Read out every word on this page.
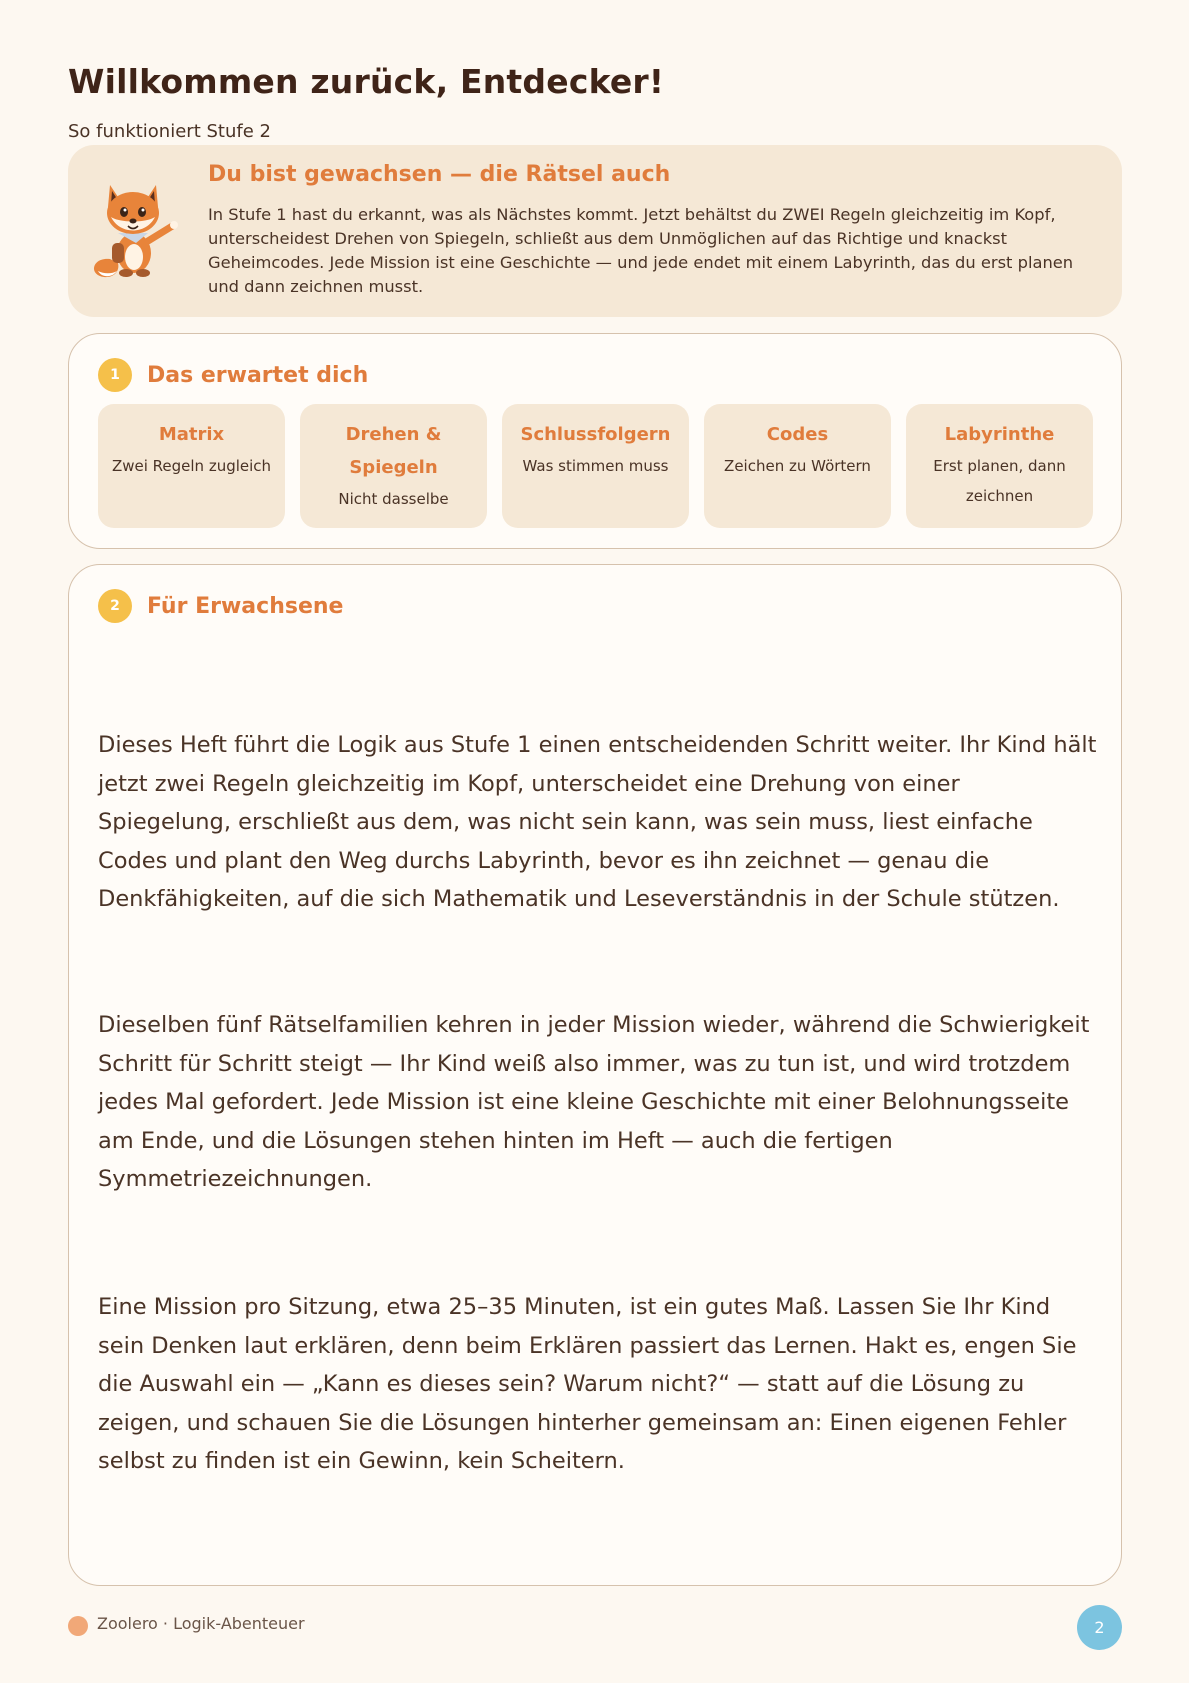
Willkommen zurück, Entdecker!

So funktioniert Stufe 2

Du bist gewachsen — die Rätsel auch

In Stufe 1 hast du erkannt, was als Nächstes kommt. Jetzt behältst du ZWEI Regeln gleichzeitig im Kopf, unterscheidest Drehen von Spiegeln, schließt aus dem Unmöglichen auf das Richtige und knackst Geheimcodes. Jede Mission ist eine Geschichte — und jede endet mit einem Labyrinth, das du erst planen und dann zeichnen musst.

1	Das erwartet dich

Matrix

Zwei Regeln zugleich

Drehen & Spiegeln

Nicht dasselbe

Schlussfolgern

Was stimmen muss

Codes

Zeichen zu Wörtern

Labyrinthe

Erst planen, dann zeichnen

2	Für Erwachsene

Dieses Heft führt die Logik aus Stufe 1 einen entscheidenden Schritt weiter. Ihr Kind hält jetzt zwei Regeln gleichzeitig im Kopf, unterscheidet eine Drehung von einer Spiegelung, erschließt aus dem, was nicht sein kann, was sein muss, liest einfache Codes und plant den Weg durchs Labyrinth, bevor es ihn zeichnet — genau die Denkfähigkeiten, auf die sich Mathematik und Leseverständnis in der Schule stützen.

Dieselben fünf Rätselfamilien kehren in jeder Mission wieder, während die Schwierigkeit Schritt für Schritt steigt — Ihr Kind weiß also immer, was zu tun ist, und wird trotzdem jedes Mal gefordert. Jede Mission ist eine kleine Geschichte mit einer Belohnungsseite am Ende, und die Lösungen stehen hinten im Heft — auch die fertigen Symmetriezeichnungen.

Eine Mission pro Sitzung, etwa 25–35 Minuten, ist ein gutes Maß. Lassen Sie Ihr Kind sein Denken laut erklären, denn beim Erklären passiert das Lernen. Hakt es, engen Sie die Auswahl ein — „Kann es dieses sein? Warum nicht?“ — statt auf die Lösung zu zeigen, und schauen Sie die Lösungen hinterher gemeinsam an: Einen eigenen Fehler selbst zu finden ist ein Gewinn, kein Scheitern.

Zoolero · Logik-Abenteuer	2
